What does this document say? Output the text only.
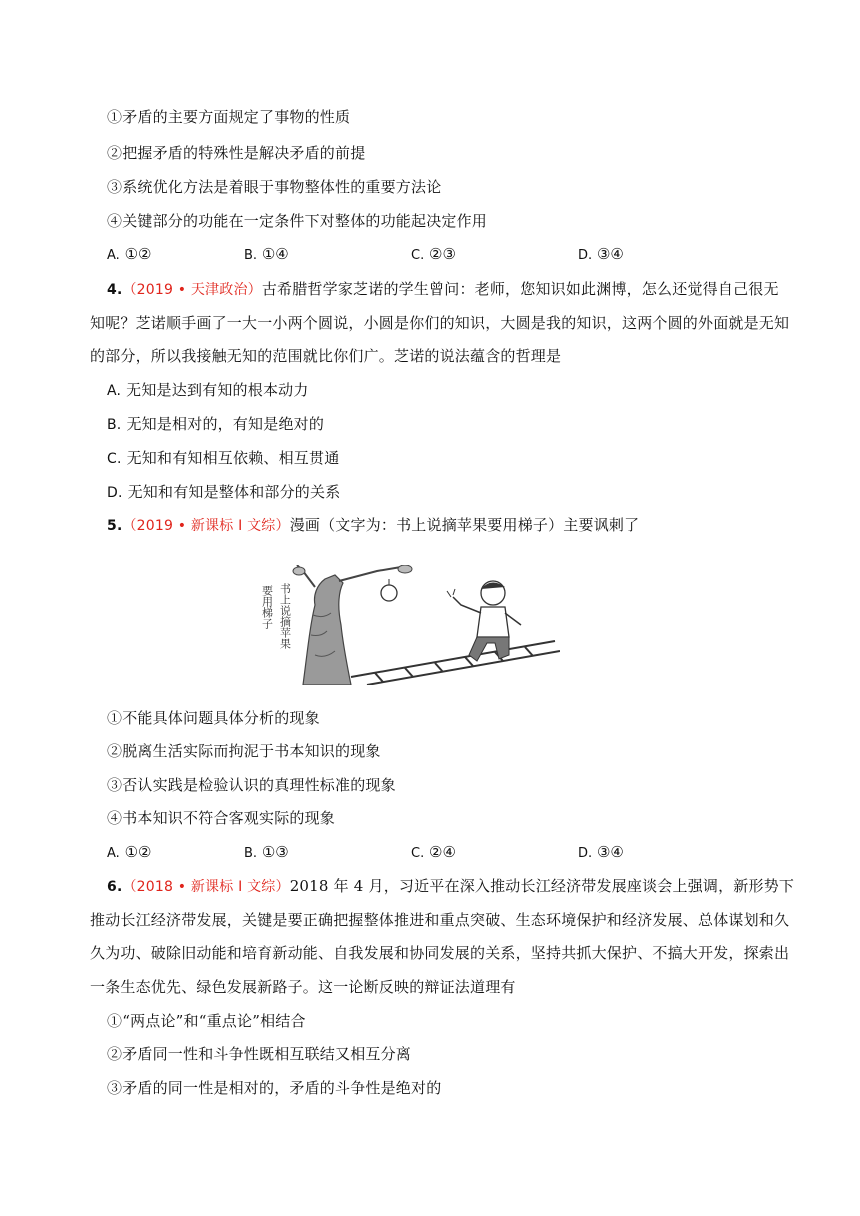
①矛盾的主要方面规定了事物的性质
②把握矛盾的特殊性是解决矛盾的前提
③系统优化方法是着眼于事物整体性的重要方法论
④关键部分的功能在一定条件下对整体的功能起决定作用
A. ①②	B. ①④	C. ②③	D. ③④
4.（2019 • 天津政治）古希腊哲学家芝诺的学生曾问：老师，您知识如此渊博，怎么还觉得自己很无
知呢？芝诺顺手画了一大一小两个圆说，小圆是你们的知识，大圆是我的知识，这两个圆的外面就是无知
的部分，所以我接触无知的范围就比你们广。芝诺的说法蕴含的哲理是
A. 无知是达到有知的根本动力
B. 无知是相对的，有知是绝对的
C. 无知和有知相互依赖、相互贯通
D. 无知和有知是整体和部分的关系
5.（2019 • 新课标 I 文综）漫画（文字为：书上说摘苹果要用梯子）主要讽刺了
书上说摘苹果
要用梯子
①不能具体问题具体分析的现象
②脱离生活实际而拘泥于书本知识的现象
③否认实践是检验认识的真理性标准的现象
④书本知识不符合客观实际的现象
A. ①②	B. ①③	C. ②④	D. ③④
6.（2018 • 新课标 I 文综）2018 年 4 月，习近平在深入推动长江经济带发展座谈会上强调，新形势下
推动长江经济带发展，关键是要正确把握整体推进和重点突破、生态环境保护和经济发展、总体谋划和久
久为功、破除旧动能和培育新动能、自我发展和协同发展的关系，坚持共抓大保护、不搞大开发，探索出
一条生态优先、绿色发展新路子。这一论断反映的辩证法道理有
①“两点论”和“重点论”相结合
②矛盾同一性和斗争性既相互联结又相互分离
③矛盾的同一性是相对的，矛盾的斗争性是绝对的
